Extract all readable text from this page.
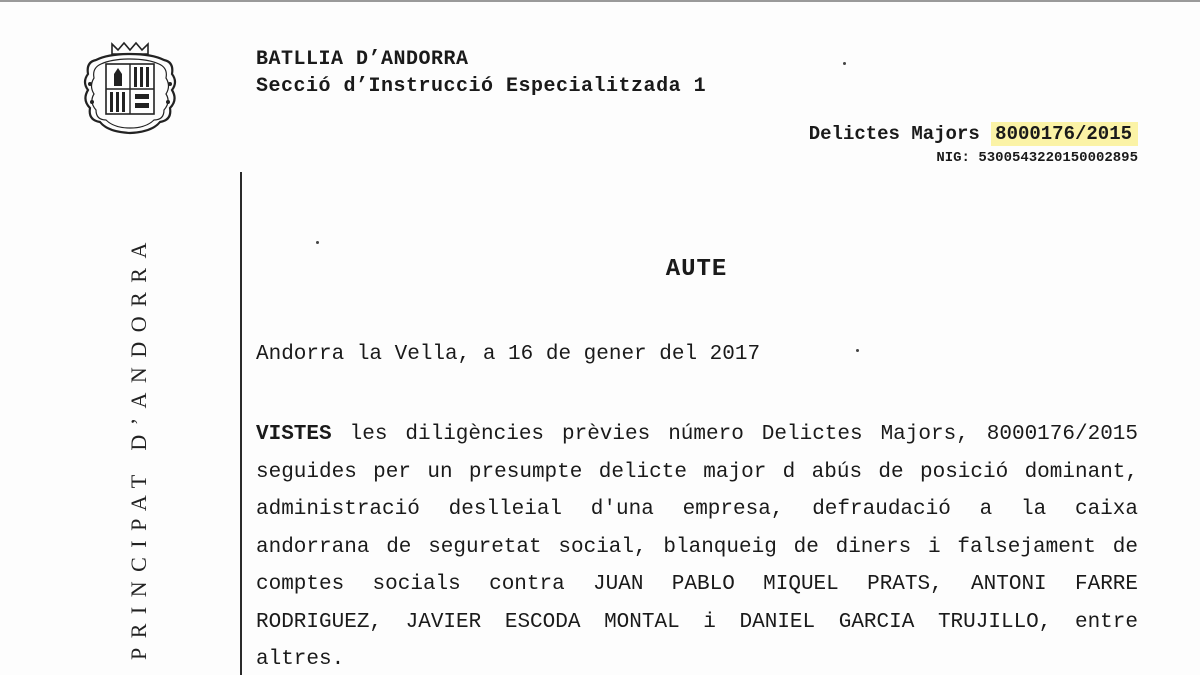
BATLLIA D’ANDORRA
Secció d’Instrucció Especialitzada 1
Delictes Majors 8000176/2015
NIG: 5300543220150002895
PRINCIPAT D’ANDORRA	AUTE
Andorra la Vella, a 16 de gener del 2017
VISTES les diligències prèvies número Delictes Majors, 8000176/2015 seguides per un presumpte delicte major d abús de posició dominant, administració deslleial d'una empresa, defraudació a la caixa andorrana de seguretat social, blanqueig de diners i falsejament de comptes socials contra JUAN PABLO MIQUEL PRATS, ANTONI FARRE RODRIGUEZ, JAVIER ESCODA MONTAL i DANIEL GARCIA TRUJILLO, entre altres.
